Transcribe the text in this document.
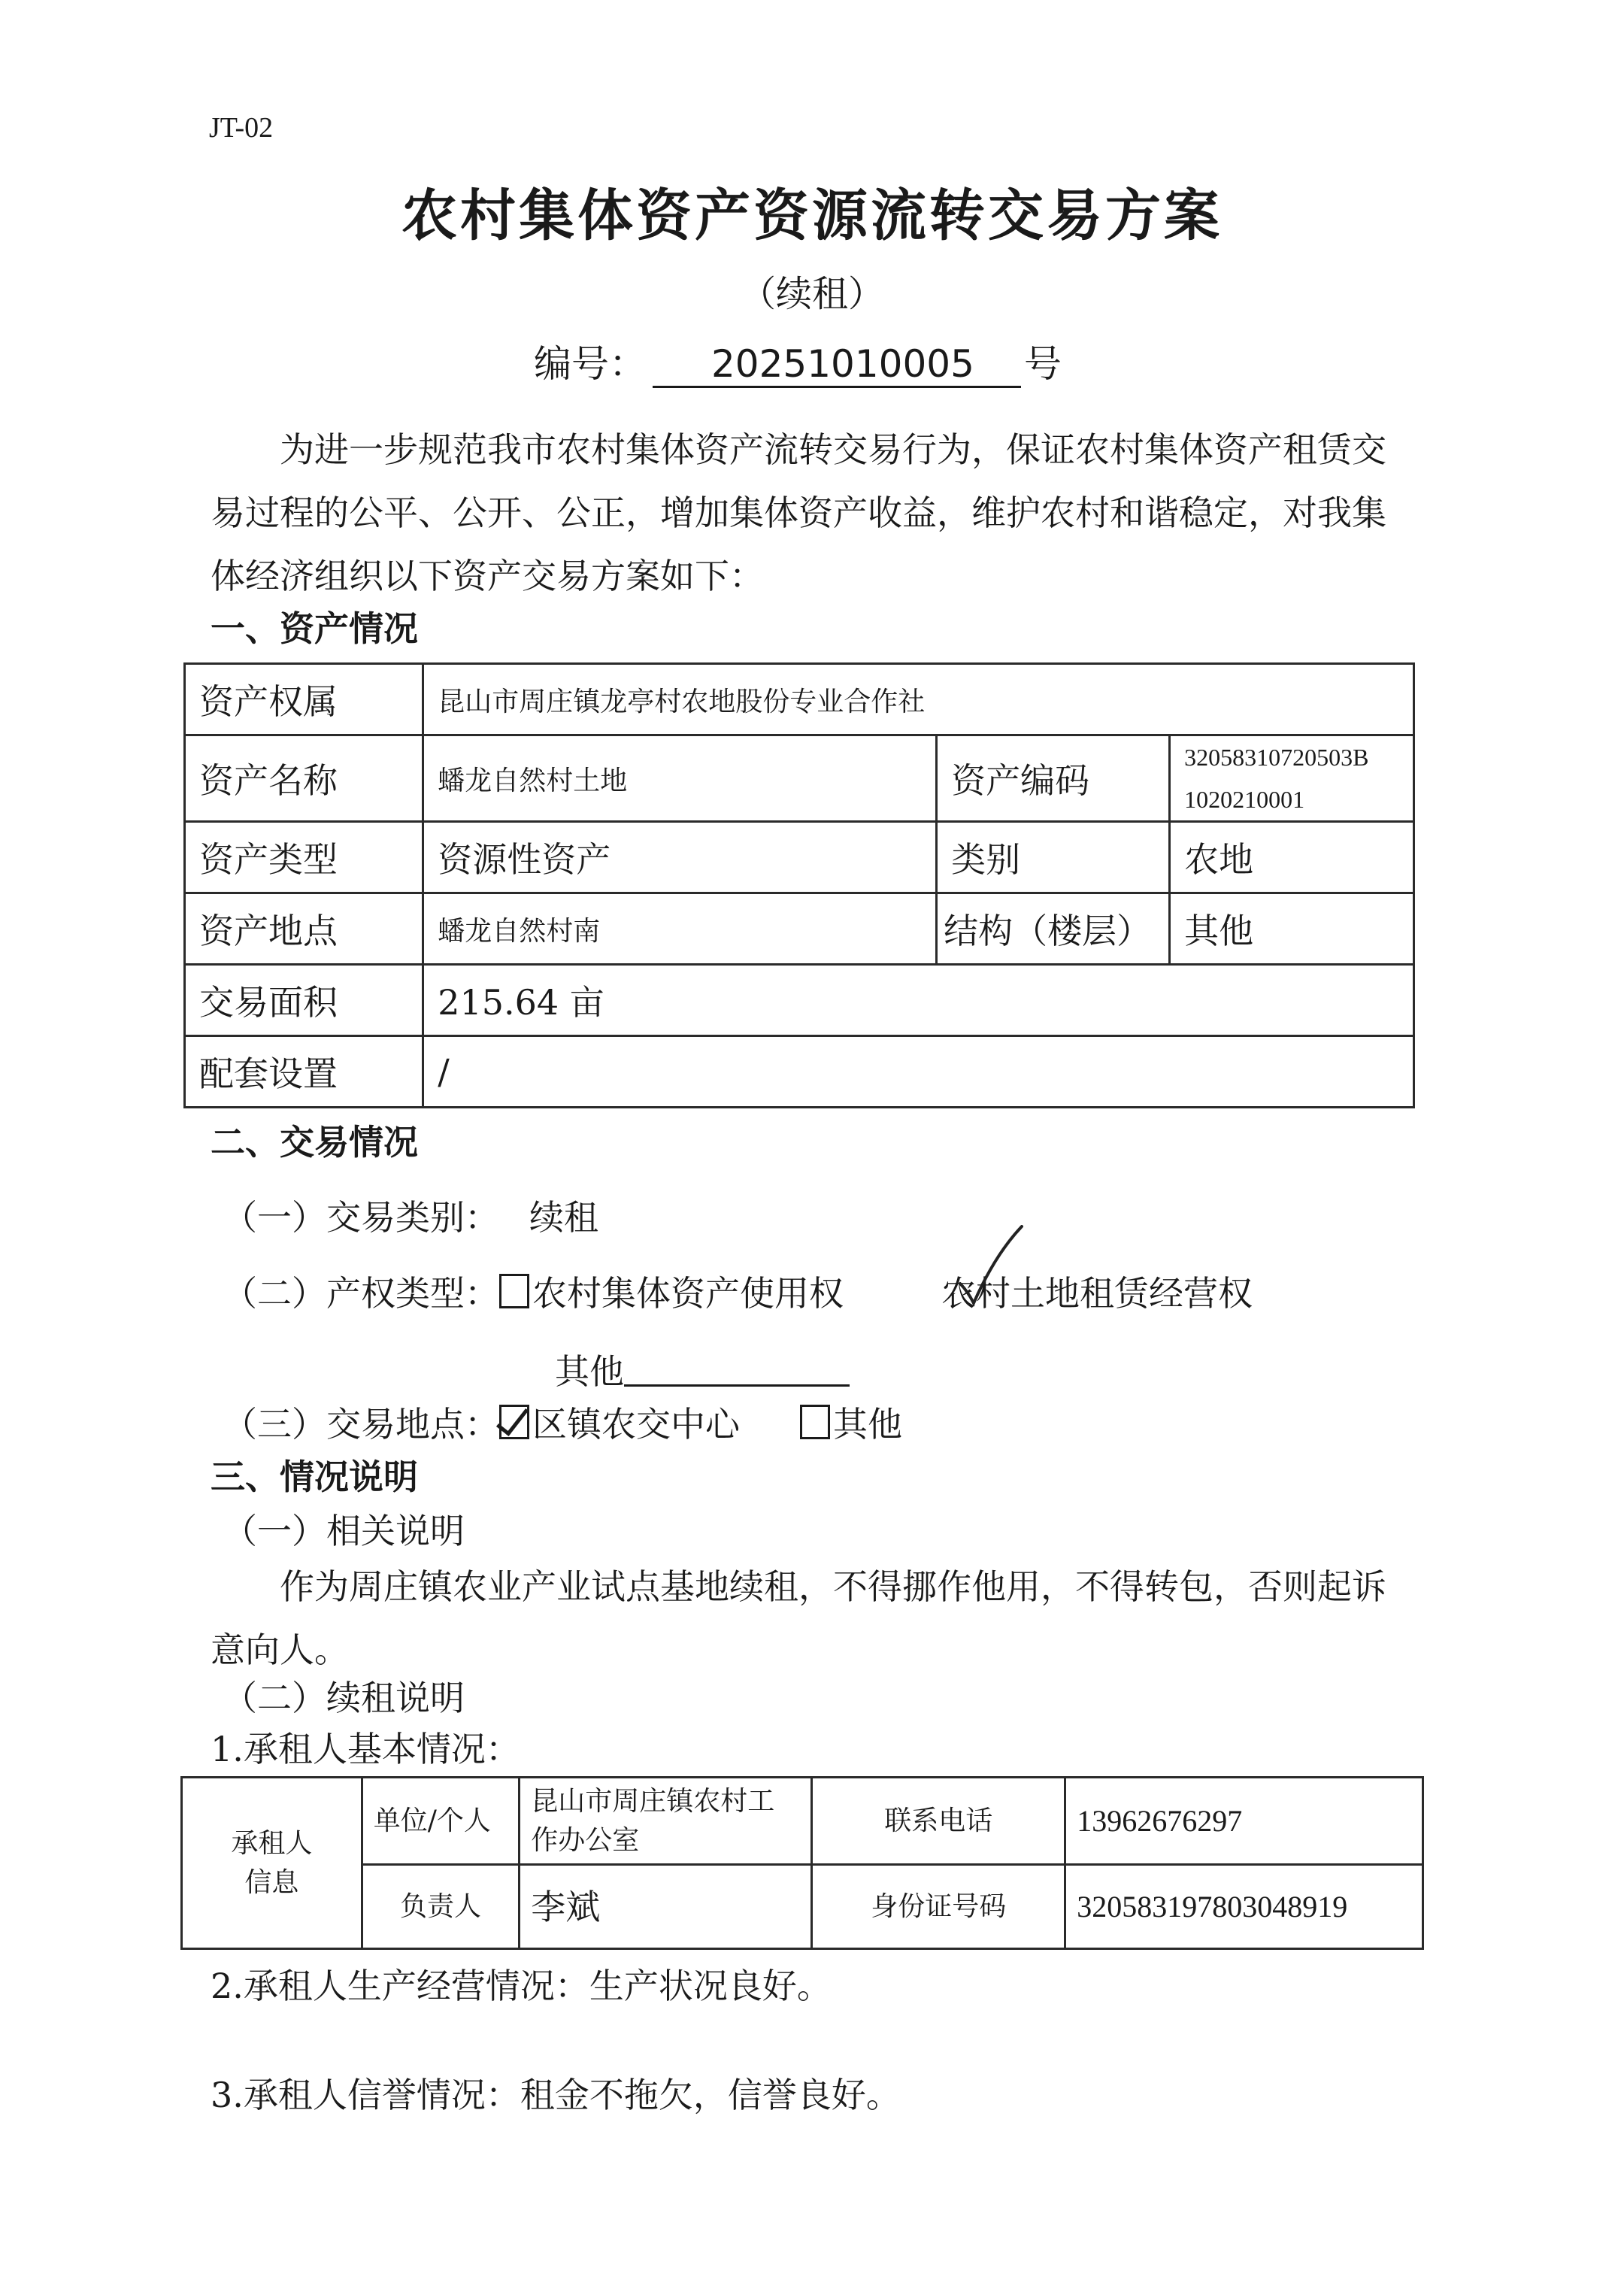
JT-02
农村集体资产资源流转交易方案
（续租）
编号：	20251010005	号
为进一步规范我市农村集体资产流转交易行为，保证农村集体资产租赁交易过程的公平、公开、公正，增加集体资产收益，维护农村和谐稳定，对我集体经济组织以下资产交易方案如下：
一、资产情况
资产权属	昆山市周庄镇龙亭村农地股份专业合作社		
资产名称	蟠龙自然村土地	资产编码	32058310720503B
1020210001

资产类型	资源性资产	类别	农地
资产地点	蟠龙自然村南	结构（楼层）	其他
交易面积	215.64 亩		
配套设置	/		
二、交易情况
（一）交易类别： 续租
（二）产权类型： 农村集体资产使用权	农村土地租赁经营权
其他
（三）交易地点： 区镇农交中心	其他
三、情况说明
（一）相关说明
作为周庄镇农业产业试点基地续租，不得挪作他用，不得转包，否则起诉意向人。
（二）续租说明
1.承租人基本情况：
承租人信息	单位/个人	昆山市周庄镇农村工作办公室	联系电话	13962676297
	负责人	李斌	身份证号码	320583197803048919
2.承租人生产经营情况：生产状况良好。
3.承租人信誉情况：租金不拖欠，信誉良好。
